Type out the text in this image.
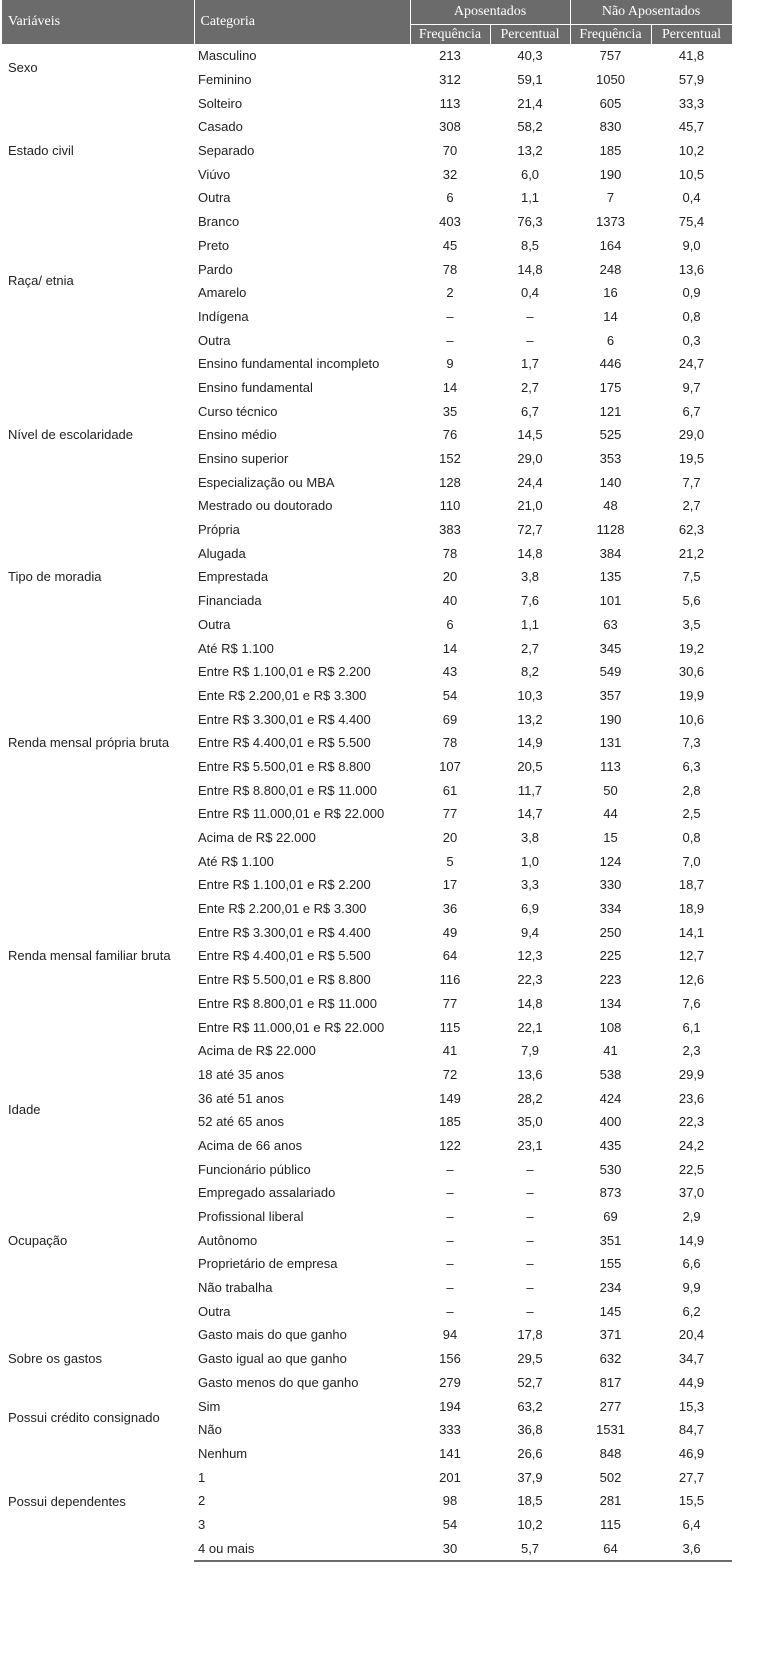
Variáveis	Categoria	Aposentados		Não Aposentados	
		Frequência	Percentual	Frequência	Percentual
Sexo	Masculino	213	40,3	757	41,8
	Feminino	312	59,1	1050	57,9
Estado civil	Solteiro	113	21,4	605	33,3
	Casado	308	58,2	830	45,7
	Separado	70	13,2	185	10,2
	Viúvo	32	6,0	190	10,5
	Outra	6	1,1	7	0,4
Raça/ etnia	Branco	403	76,3	1373	75,4
	Preto	45	8,5	164	9,0
	Pardo	78	14,8	248	13,6
	Amarelo	2	0,4	16	0,9
	Indígena	–	–	14	0,8
	Outra	–	–	6	0,3
Nível de escolaridade	Ensino fundamental incompleto	9	1,7	446	24,7
	Ensino fundamental	14	2,7	175	9,7
	Curso técnico	35	6,7	121	6,7
	Ensino médio	76	14,5	525	29,0
	Ensino superior	152	29,0	353	19,5
	Especialização ou MBA	128	24,4	140	7,7
	Mestrado ou doutorado	110	21,0	48	2,7
Tipo de moradia	Própria	383	72,7	1128	62,3
	Alugada	78	14,8	384	21,2
	Emprestada	20	3,8	135	7,5
	Financiada	40	7,6	101	5,6
	Outra	6	1,1	63	3,5
Renda mensal própria bruta	Até R$ 1.100	14	2,7	345	19,2
	Entre R$ 1.100,01 e R$ 2.200	43	8,2	549	30,6
	Ente R$ 2.200,01 e R$ 3.300	54	10,3	357	19,9
	Entre R$ 3.300,01 e R$ 4.400	69	13,2	190	10,6
	Entre R$ 4.400,01 e R$ 5.500	78	14,9	131	7,3
	Entre R$ 5.500,01 e R$ 8.800	107	20,5	113	6,3
	Entre R$ 8.800,01 e R$ 11.000	61	11,7	50	2,8
	Entre R$ 11.000,01 e R$ 22.000	77	14,7	44	2,5
	Acima de R$ 22.000	20	3,8	15	0,8
Renda mensal familiar bruta	Até R$ 1.100	5	1,0	124	7,0
	Entre R$ 1.100,01 e R$ 2.200	17	3,3	330	18,7
	Ente R$ 2.200,01 e R$ 3.300	36	6,9	334	18,9
	Entre R$ 3.300,01 e R$ 4.400	49	9,4	250	14,1
	Entre R$ 4.400,01 e R$ 5.500	64	12,3	225	12,7
	Entre R$ 5.500,01 e R$ 8.800	116	22,3	223	12,6
	Entre R$ 8.800,01 e R$ 11.000	77	14,8	134	7,6
	Entre R$ 11.000,01 e R$ 22.000	115	22,1	108	6,1
	Acima de R$ 22.000	41	7,9	41	2,3
Idade	18 até 35 anos	72	13,6	538	29,9
	36 até 51 anos	149	28,2	424	23,6
	52 até 65 anos	185	35,0	400	22,3
	Acima de 66 anos	122	23,1	435	24,2
Ocupação	Funcionário público	–	–	530	22,5
	Empregado assalariado	–	–	873	37,0
	Profissional liberal	–	–	69	2,9
	Autônomo	–	–	351	14,9
	Proprietário de empresa	–	–	155	6,6
	Não trabalha	–	–	234	9,9
	Outra	–	–	145	6,2
Sobre os gastos	Gasto mais do que ganho	94	17,8	371	20,4
	Gasto igual ao que ganho	156	29,5	632	34,7
	Gasto menos do que ganho	279	52,7	817	44,9
Possui crédito consignado	Sim	194	63,2	277	15,3
	Não	333	36,8	1531	84,7
Possui dependentes	Nenhum	141	26,6	848	46,9
	1	201	37,9	502	27,7
	2	98	18,5	281	15,5
	3	54	10,2	115	6,4
	4 ou mais	30	5,7	64	3,6
